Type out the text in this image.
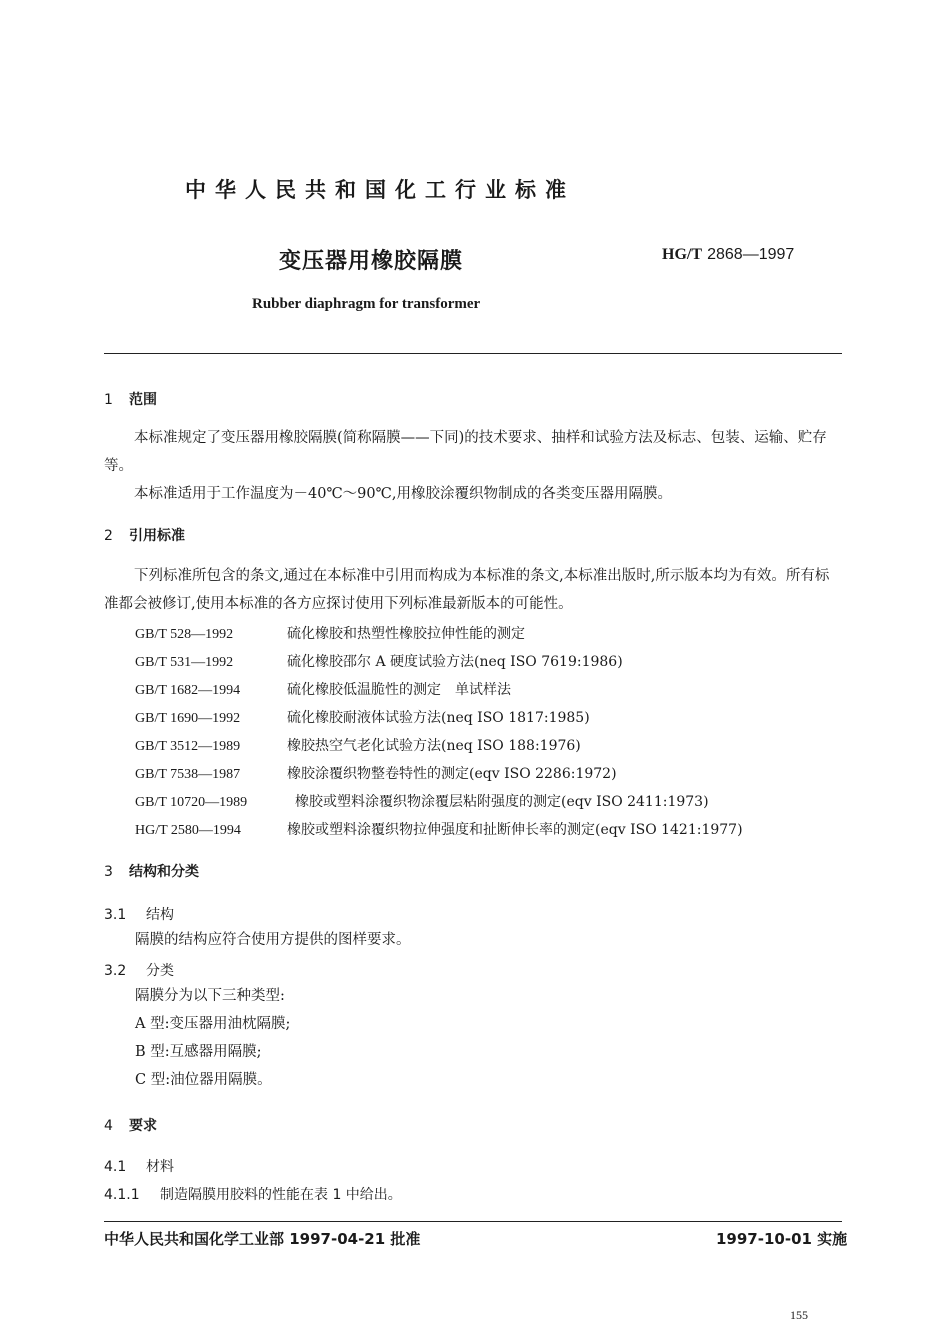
中华人民共和国化工行业标准
变压器用橡胶隔膜	HG/T 2868—1997
Rubber diaphragm for transformer
1 范围
本标准规定了变压器用橡胶隔膜(简称隔膜——下同)的技术要求、抽样和试验方法及标志、包装、运输、贮存等。
本标准适用于工作温度为－40℃～90℃,用橡胶涂覆织物制成的各类变压器用隔膜。
2 引用标准
下列标准所包含的条文,通过在本标准中引用而构成为本标准的条文,本标准出版时,所示版本均为有效。所有标准都会被修订,使用本标准的各方应探讨使用下列标准最新版本的可能性。
GB/T 528—1992	硫化橡胶和热塑性橡胶拉伸性能的测定
GB/T 531—1992	硫化橡胶邵尔 A 硬度试验方法(neq ISO 7619:1986)
GB/T 1682—1994	硫化橡胶低温脆性的测定　单试样法
GB/T 1690—1992	硫化橡胶耐液体试验方法(neq ISO 1817:1985)
GB/T 3512—1989	橡胶热空气老化试验方法(neq ISO 188:1976)
GB/T 7538—1987	橡胶涂覆织物整卷特性的测定(eqv ISO 2286:1972)
GB/T 10720—1989	橡胶或塑料涂覆织物涂覆层粘附强度的测定(eqv ISO 2411:1973)
HG/T 2580—1994	橡胶或塑料涂覆织物拉伸强度和扯断伸长率的测定(eqv ISO 1421:1977)
3 结构和分类
3.1 结构
隔膜的结构应符合使用方提供的图样要求。
3.2 分类
隔膜分为以下三种类型:
A 型:变压器用油枕隔膜;
B 型:互感器用隔膜;
C 型:油位器用隔膜。
4 要求
4.1 材料
4.1.1 制造隔膜用胶料的性能在表 1 中给出。
中华人民共和国化学工业部 1997-04-21 批准	1997-10-01 实施
155
